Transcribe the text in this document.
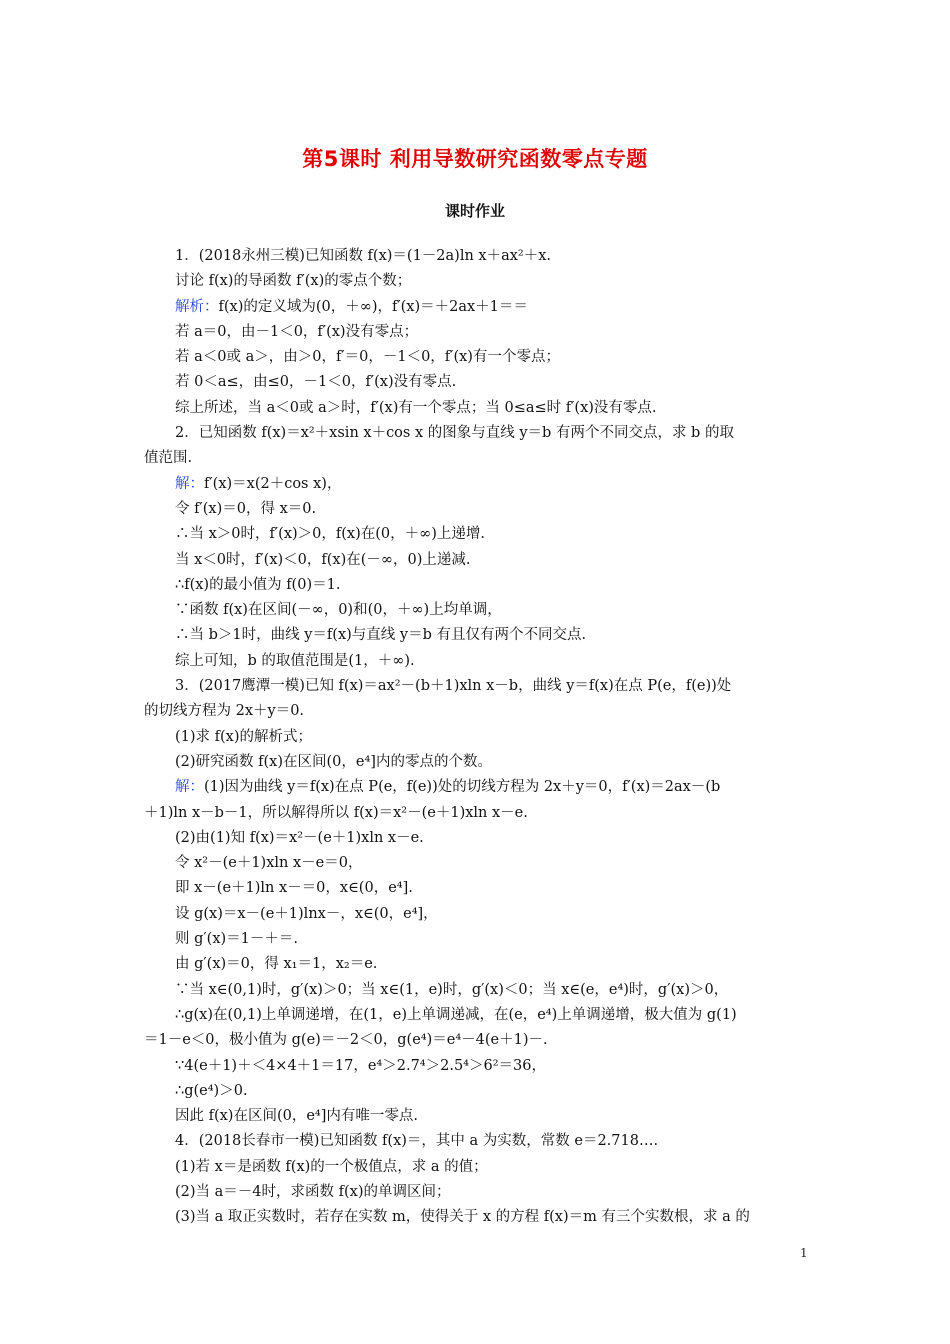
第5课时 利用导数研究函数零点专题
课时作业
1．(2018永州三模)已知函数 f(x)＝(1－2a)ln x＋ax²＋x.
讨论 f(x)的导函数 f′(x)的零点个数；
解析：f(x)的定义域为(0，＋∞)，f′(x)＝＋2ax＋1＝＝
若 a＝0，由－1＜0，f′(x)没有零点；
若 a＜0或 a＞，由＞0，f′＝0，－1＜0，f′(x)有一个零点；
若 0＜a≤，由≤0，－1＜0，f′(x)没有零点.
综上所述，当 a＜0或 a＞时，f′(x)有一个零点；当 0≤a≤时 f′(x)没有零点.
2．已知函数 f(x)＝x²＋xsin x＋cos x 的图象与直线 y＝b 有两个不同交点，求 b 的取
值范围.
解：f′(x)＝x(2＋cos x)，
令 f′(x)＝0，得 x＝0.
∴当 x＞0时，f′(x)＞0，f(x)在(0，＋∞)上递增.
当 x＜0时，f′(x)＜0，f(x)在(－∞，0)上递减.
∴f(x)的最小值为 f(0)＝1.
∵函数 f(x)在区间(－∞，0)和(0，＋∞)上均单调，
∴当 b＞1时，曲线 y＝f(x)与直线 y＝b 有且仅有两个不同交点.
综上可知，b 的取值范围是(1，＋∞).
3．(2017鹰潭一模)已知 f(x)＝ax²－(b＋1)xln x－b，曲线 y＝f(x)在点 P(e，f(e))处
的切线方程为 2x＋y＝0.
(1)求 f(x)的解析式；
(2)研究函数 f(x)在区间(0，e⁴]内的零点的个数。
解：(1)因为曲线 y＝f(x)在点 P(e，f(e))处的切线方程为 2x＋y＝0，f′(x)＝2ax－(b
＋1)ln x－b－1，所以解得所以 f(x)＝x²－(e＋1)xln x－e.
(2)由(1)知 f(x)＝x²－(e＋1)xln x－e.
令 x²－(e＋1)xln x－e＝0，
即 x－(e＋1)ln x－＝0，x∈(0，e⁴].
设 g(x)＝x－(e＋1)lnx－，x∈(0，e⁴]，
则 g′(x)＝1－＋＝.
由 g′(x)＝0，得 x₁＝1，x₂＝e.
∵当 x∈(0,1)时，g′(x)＞0；当 x∈(1，e)时，g′(x)＜0；当 x∈(e，e⁴)时，g′(x)＞0，
∴g(x)在(0,1)上单调递增，在(1，e)上单调递减，在(e，e⁴)上单调递增，极大值为 g(1)
＝1－e＜0，极小值为 g(e)＝－2＜0，g(e⁴)＝e⁴－4(e＋1)－.
∵4(e＋1)＋＜4×4＋1＝17，e⁴＞2.7⁴＞2.5⁴＞6²＝36，
∴g(e⁴)＞0.
因此 f(x)在区间(0，e⁴]内有唯一零点.
4．(2018长春市一模)已知函数 f(x)＝，其中 a 为实数，常数 e＝2.718….
(1)若 x＝是函数 f(x)的一个极值点，求 a 的值；
(2)当 a＝－4时，求函数 f(x)的单调区间；
(3)当 a 取正实数时，若存在实数 m，使得关于 x 的方程 f(x)＝m 有三个实数根，求 a 的
1
